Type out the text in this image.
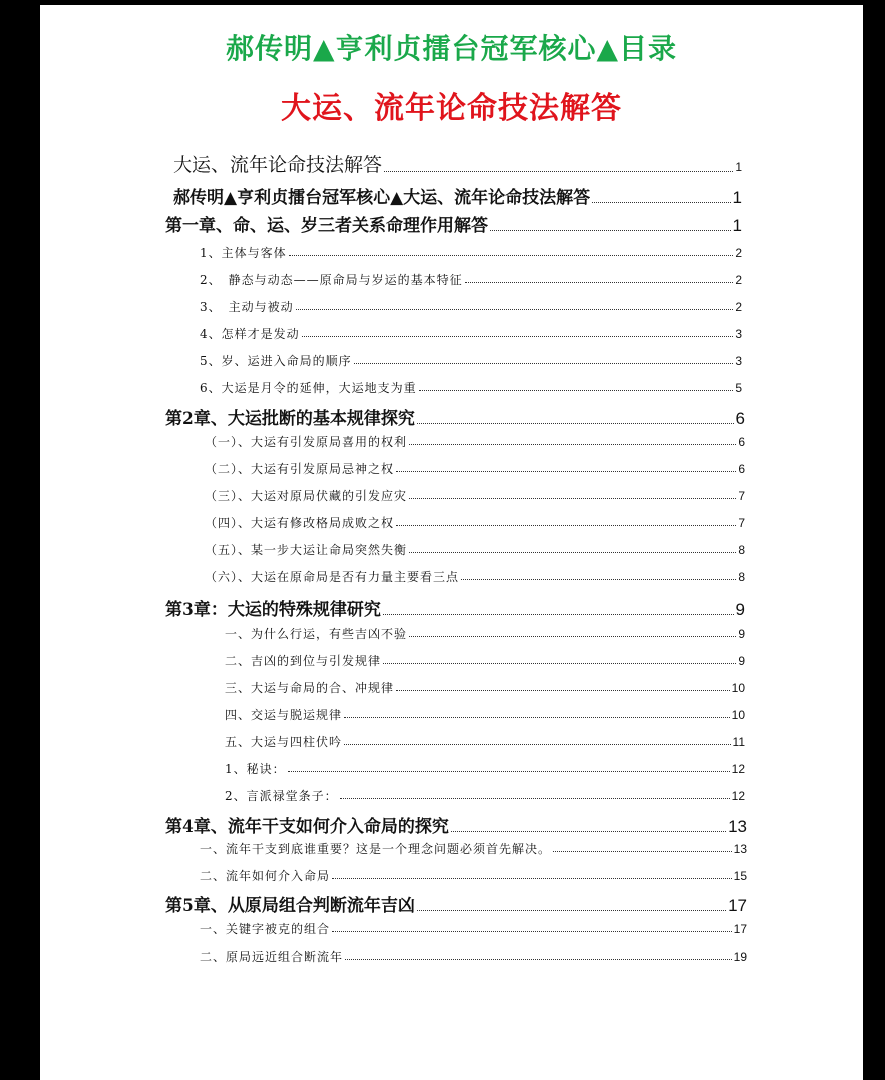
郝传明▲亨利贞擂台冠军核心▲目录
大运、流年论命技法解答
大运、流年论命技法解答	1
郝传明▲亨利贞擂台冠军核心▲大运、流年论命技法解答	1
第一章、命、运、岁三者关系命理作用解答	1
1、主体与客体	2
2、　静态与动态——原命局与岁运的基本特征	2
3、　主动与被动	2
4、怎样才是发动	3
5、岁、运进入命局的顺序	3
6、大运是月令的延伸，大运地支为重	5
第2章、大运批断的基本规律探究	6
（一）、大运有引发原局喜用的权利	6
（二）、大运有引发原局忌神之权	6
（三）、大运对原局伏藏的引发应灾	7
（四）、大运有修改格局成败之权	7
（五）、某一步大运让命局突然失衡	8
（六）、大运在原命局是否有力量主要看三点	8
第3章：大运的特殊规律研究	9
一、为什么行运，有些吉凶不验	9
二、吉凶的到位与引发规律	9
三、大运与命局的合、冲规律	10
四、交运与脱运规律	10
五、大运与四柱伏吟	11
1、秘诀：	12
2、言派禄堂条子：	12
第4章、流年干支如何介入命局的探究	13
一、流年干支到底谁重要？这是一个理念问题必须首先解决。	13
二、流年如何介入命局	15
第5章、从原局组合判断流年吉凶	17
一、关键字被克的组合	17
二、原局远近组合断流年	19
